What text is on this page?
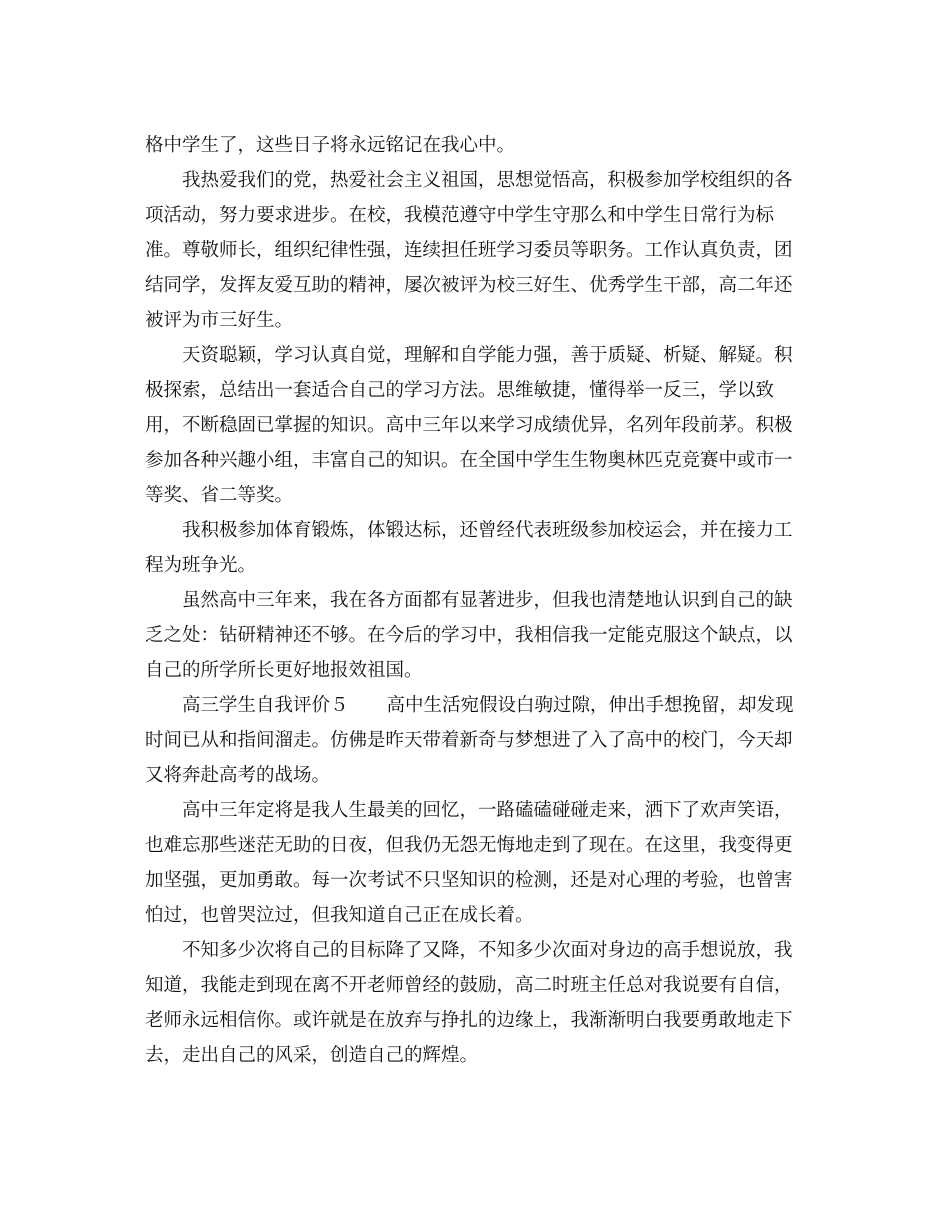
格中学生了，这些日子将永远铭记在我心中。

我热爱我们的党，热爱社会主义祖国，思想觉悟高，积极参加学校组织的各
项活动，努力要求进步。在校，我模范遵守中学生守那么和中学生日常行为标
准。尊敬师长，组织纪律性强，连续担任班学习委员等职务。工作认真负责，团
结同学，发挥友爱互助的精神，屡次被评为校三好生、优秀学生干部，高二年还
被评为市三好生。

天资聪颖，学习认真自觉，理解和自学能力强，善于质疑、析疑、解疑。积
极探索，总结出一套适合自己的学习方法。思维敏捷，懂得举一反三，学以致
用，不断稳固已掌握的知识。高中三年以来学习成绩优异，名列年段前茅。积极
参加各种兴趣小组，丰富自己的知识。在全国中学生生物奥林匹克竞赛中或市一
等奖、省二等奖。

我积极参加体育锻炼，体锻达标，还曾经代表班级参加校运会，并在接力工
程为班争光。

虽然高中三年来，我在各方面都有显著进步，但我也清楚地认识到自己的缺
乏之处：钻研精神还不够。在今后的学习中，我相信我一定能克服这个缺点，以
自己的所学所长更好地报效祖国。

高三学生自我评价５ 高中生活宛假设白驹过隙，伸出手想挽留，却发现
时间已从和指间溜走。仿佛是昨天带着新奇与梦想进了入了高中的校门，今天却
又将奔赴高考的战场。

高中三年定将是我人生最美的回忆，一路磕磕碰碰走来，洒下了欢声笑语，
也难忘那些迷茫无助的日夜，但我仍无怨无悔地走到了现在。在这里，我变得更
加坚强，更加勇敢。每一次考试不只坚知识的检测，还是对心理的考验，也曾害
怕过，也曾哭泣过，但我知道自己正在成长着。

不知多少次将自己的目标降了又降，不知多少次面对身边的高手想说放，我
知道，我能走到现在离不开老师曾经的鼓励，高二时班主任总对我说要有自信，
老师永远相信你。或许就是在放弃与挣扎的边缘上，我渐渐明白我要勇敢地走下
去，走出自己的风采，创造自己的辉煌。
